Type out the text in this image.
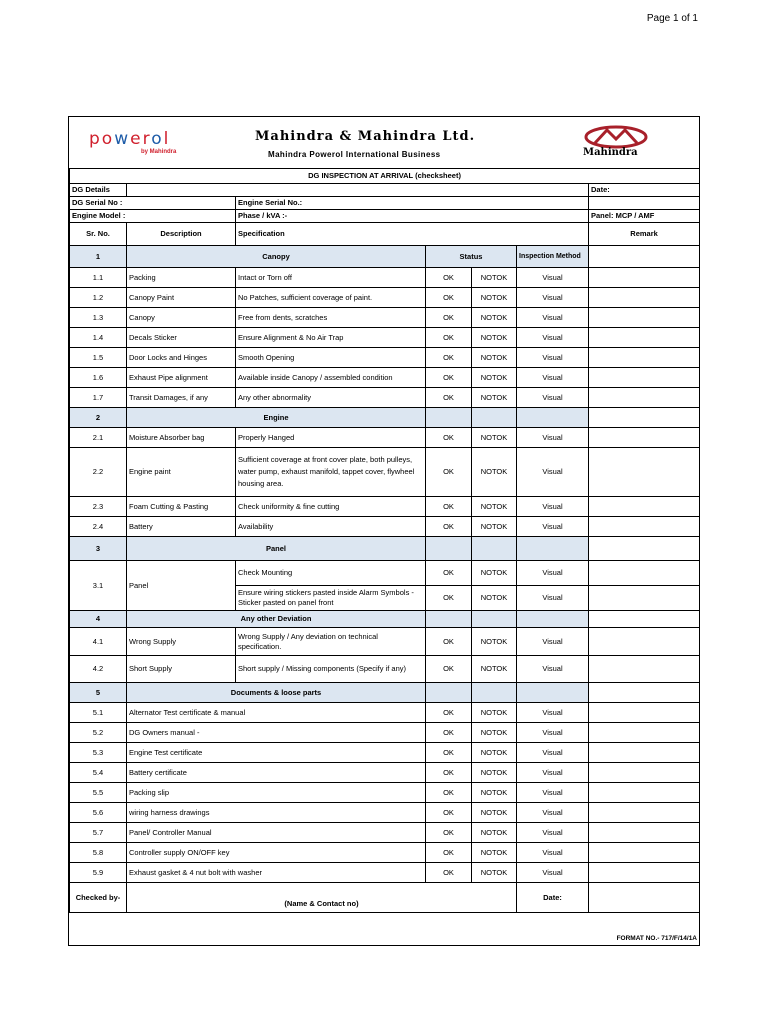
Page 1 of 1
powerol
by Mahindra
Mahindra & Mahindra Ltd.
Mahindra Powerol International Business	Mahindra
DG INSPECTION AT ARRIVAL (checksheet)						
DG Details						Date:
DG Serial No :		Engine Serial No.:				
Engine Model :		Phase / kVA :-				Panel: MCP / AMF
Sr. No.	Description	Specification				Remark
1	Canopy		Status		Inspection Method	
1.1	Packing	Intact or Torn off	OK	NOTOK	Visual	
1.2	Canopy Paint	No Patches, sufficient coverage of paint.	OK	NOTOK	Visual	
1.3	Canopy	Free from dents, scratches	OK	NOTOK	Visual	
1.4	Decals Sticker	Ensure Alignment & No Air Trap	OK	NOTOK	Visual	
1.5	Door Locks and Hinges	Smooth Opening	OK	NOTOK	Visual	
1.6	Exhaust Pipe alignment	Available inside Canopy / assembled condition	OK	NOTOK	Visual	
1.7	Transit Damages, if any	Any other abnormality	OK	NOTOK	Visual	
2	Engine					
2.1	Moisture Absorber bag	Properly Hanged	OK	NOTOK	Visual	
2.2	Engine paint	Sufficient coverage at front cover plate, both pulleys, water pump, exhaust manifold, tappet cover, flywheel housing area.	OK	NOTOK	Visual	
2.3	Foam Cutting & Pasting	Check uniformity & fine cutting	OK	NOTOK	Visual	
2.4	Battery	Availability	OK	NOTOK	Visual	
3	Panel					
3.1	Panel	Check Mounting	OK	NOTOK	Visual	
		Ensure wiring stickers pasted inside Alarm Symbols - Sticker pasted on panel front	OK	NOTOK	Visual	
4	Any other Deviation					
4.1	Wrong Supply	Wrong Supply / Any deviation on technical specification.	OK	NOTOK	Visual	
4.2	Short Supply	Short supply / Missing components (Specify if any)	OK	NOTOK	Visual	
5	Documents & loose parts					
5.1	Alternator Test certificate & manual		OK	NOTOK	Visual	
5.2	DG Owners manual -		OK	NOTOK	Visual	
5.3	Engine Test certificate		OK	NOTOK	Visual	
5.4	Battery certificate		OK	NOTOK	Visual	
5.5	Packing slip		OK	NOTOK	Visual	
5.6	wiring harness drawings		OK	NOTOK	Visual	
5.7	Panel/ Controller Manual		OK	NOTOK	Visual	
5.8	Controller supply ON/OFF key		OK	NOTOK	Visual	
5.9	Exhaust gasket & 4 nut bolt with washer		OK	NOTOK	Visual	
Checked by-	(Name & Contact no)				Date:	
FORMAT NO.- 717/F/14/1A
